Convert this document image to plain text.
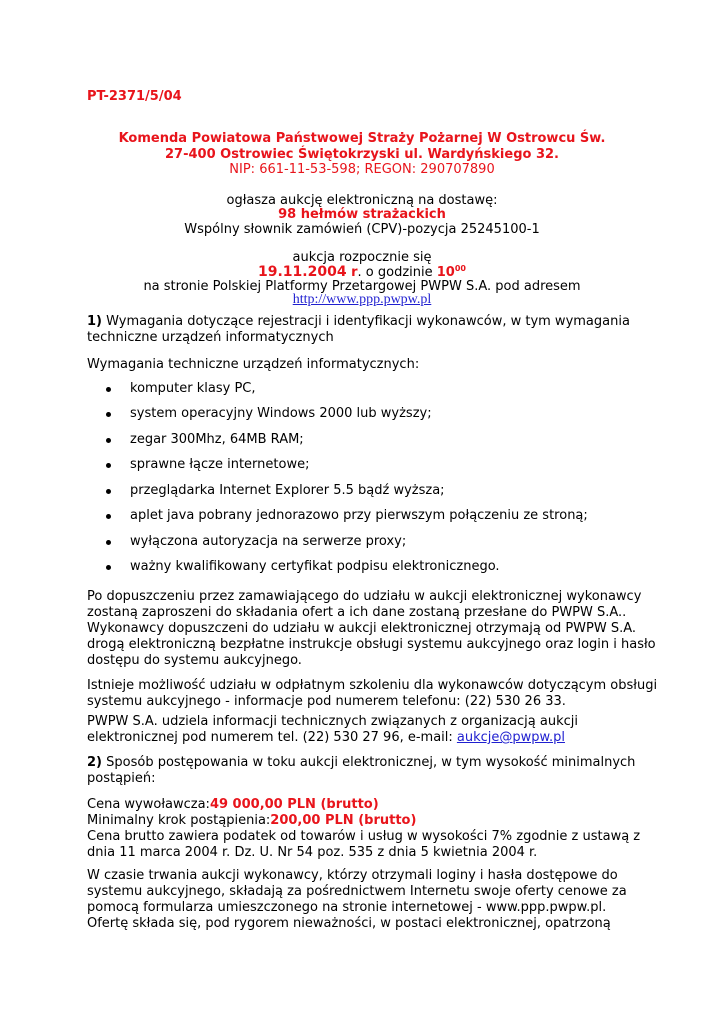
PT-2371/5/04
Komenda Powiatowa Państwowej Straży Pożarnej W Ostrowcu Św.
27-400 Ostrowiec Świętokrzyski ul. Wardyńskiego 32.
NIP: 661-11-53-598; REGON: 290707890
ogłasza aukcję elektroniczną na dostawę:
98 hełmów strażackich
Wspólny słownik zamówień (CPV)-pozycja 25245100-1
aukcja rozpocznie się
19.11.2004 r. o godzinie $10^{00}$
na stronie Polskiej Platformy Przetargowej PWPW S.A. pod adresem
http://www.ppp.pwpw.pl
1) Wymagania dotyczące rejestracji i identyfikacji wykonawców, w tym wymagania techniczne urządzeń informatycznych
Wymagania techniczne urządzeń informatycznych:
komputer klasy PC,
system operacyjny Windows 2000 lub wyższy;
zegar 300Mhz, 64MB RAM;
sprawne łącze internetowe;
przeglądarka Internet Explorer 5.5 bądź wyższa;
aplet java pobrany jednorazowo przy pierwszym połączeniu ze stroną;
wyłączona autoryzacja na serwerze proxy;
ważny kwalifikowany certyfikat podpisu elektronicznego.
Po dopuszczeniu przez zamawiającego do udziału w aukcji elektronicznej wykonawcy
zostaną zaproszeni do składania ofert a ich dane zostaną przesłane do PWPW S.A..
Wykonawcy dopuszczeni do udziału w aukcji elektronicznej otrzymają od PWPW S.A.
drogą elektroniczną bezpłatne instrukcje obsługi systemu aukcyjnego oraz login i hasło
dostępu do systemu aukcyjnego.
Istnieje możliwość udziału w odpłatnym szkoleniu dla wykonawców dotyczącym obsługi
systemu aukcyjnego - informacje pod numerem telefonu: (22) 530 26 33.
PWPW S.A. udziela informacji technicznych związanych z organizacją aukcji
elektronicznej pod numerem tel. (22) 530 27 96, e-mail: aukcje@pwpw.pl
2) Sposób postępowania w toku aukcji elektronicznej, w tym wysokość minimalnych postąpień:
Cena wywoławcza:49 000,00 PLN (brutto)
Minimalny krok postąpienia:200,00 PLN (brutto)
Cena brutto zawiera podatek od towarów i usług w wysokości 7% zgodnie z ustawą z
dnia 11 marca 2004 r. Dz. U. Nr 54 poz. 535 z dnia 5 kwietnia 2004 r.
W czasie trwania aukcji wykonawcy, którzy otrzymali loginy i hasła dostępowe do
systemu aukcyjnego, składają za pośrednictwem Internetu swoje oferty cenowe za
pomocą formularza umieszczonego na stronie internetowej - www.ppp.pwpw.pl.
Ofertę składa się, pod rygorem nieważności, w postaci elektronicznej, opatrzoną
